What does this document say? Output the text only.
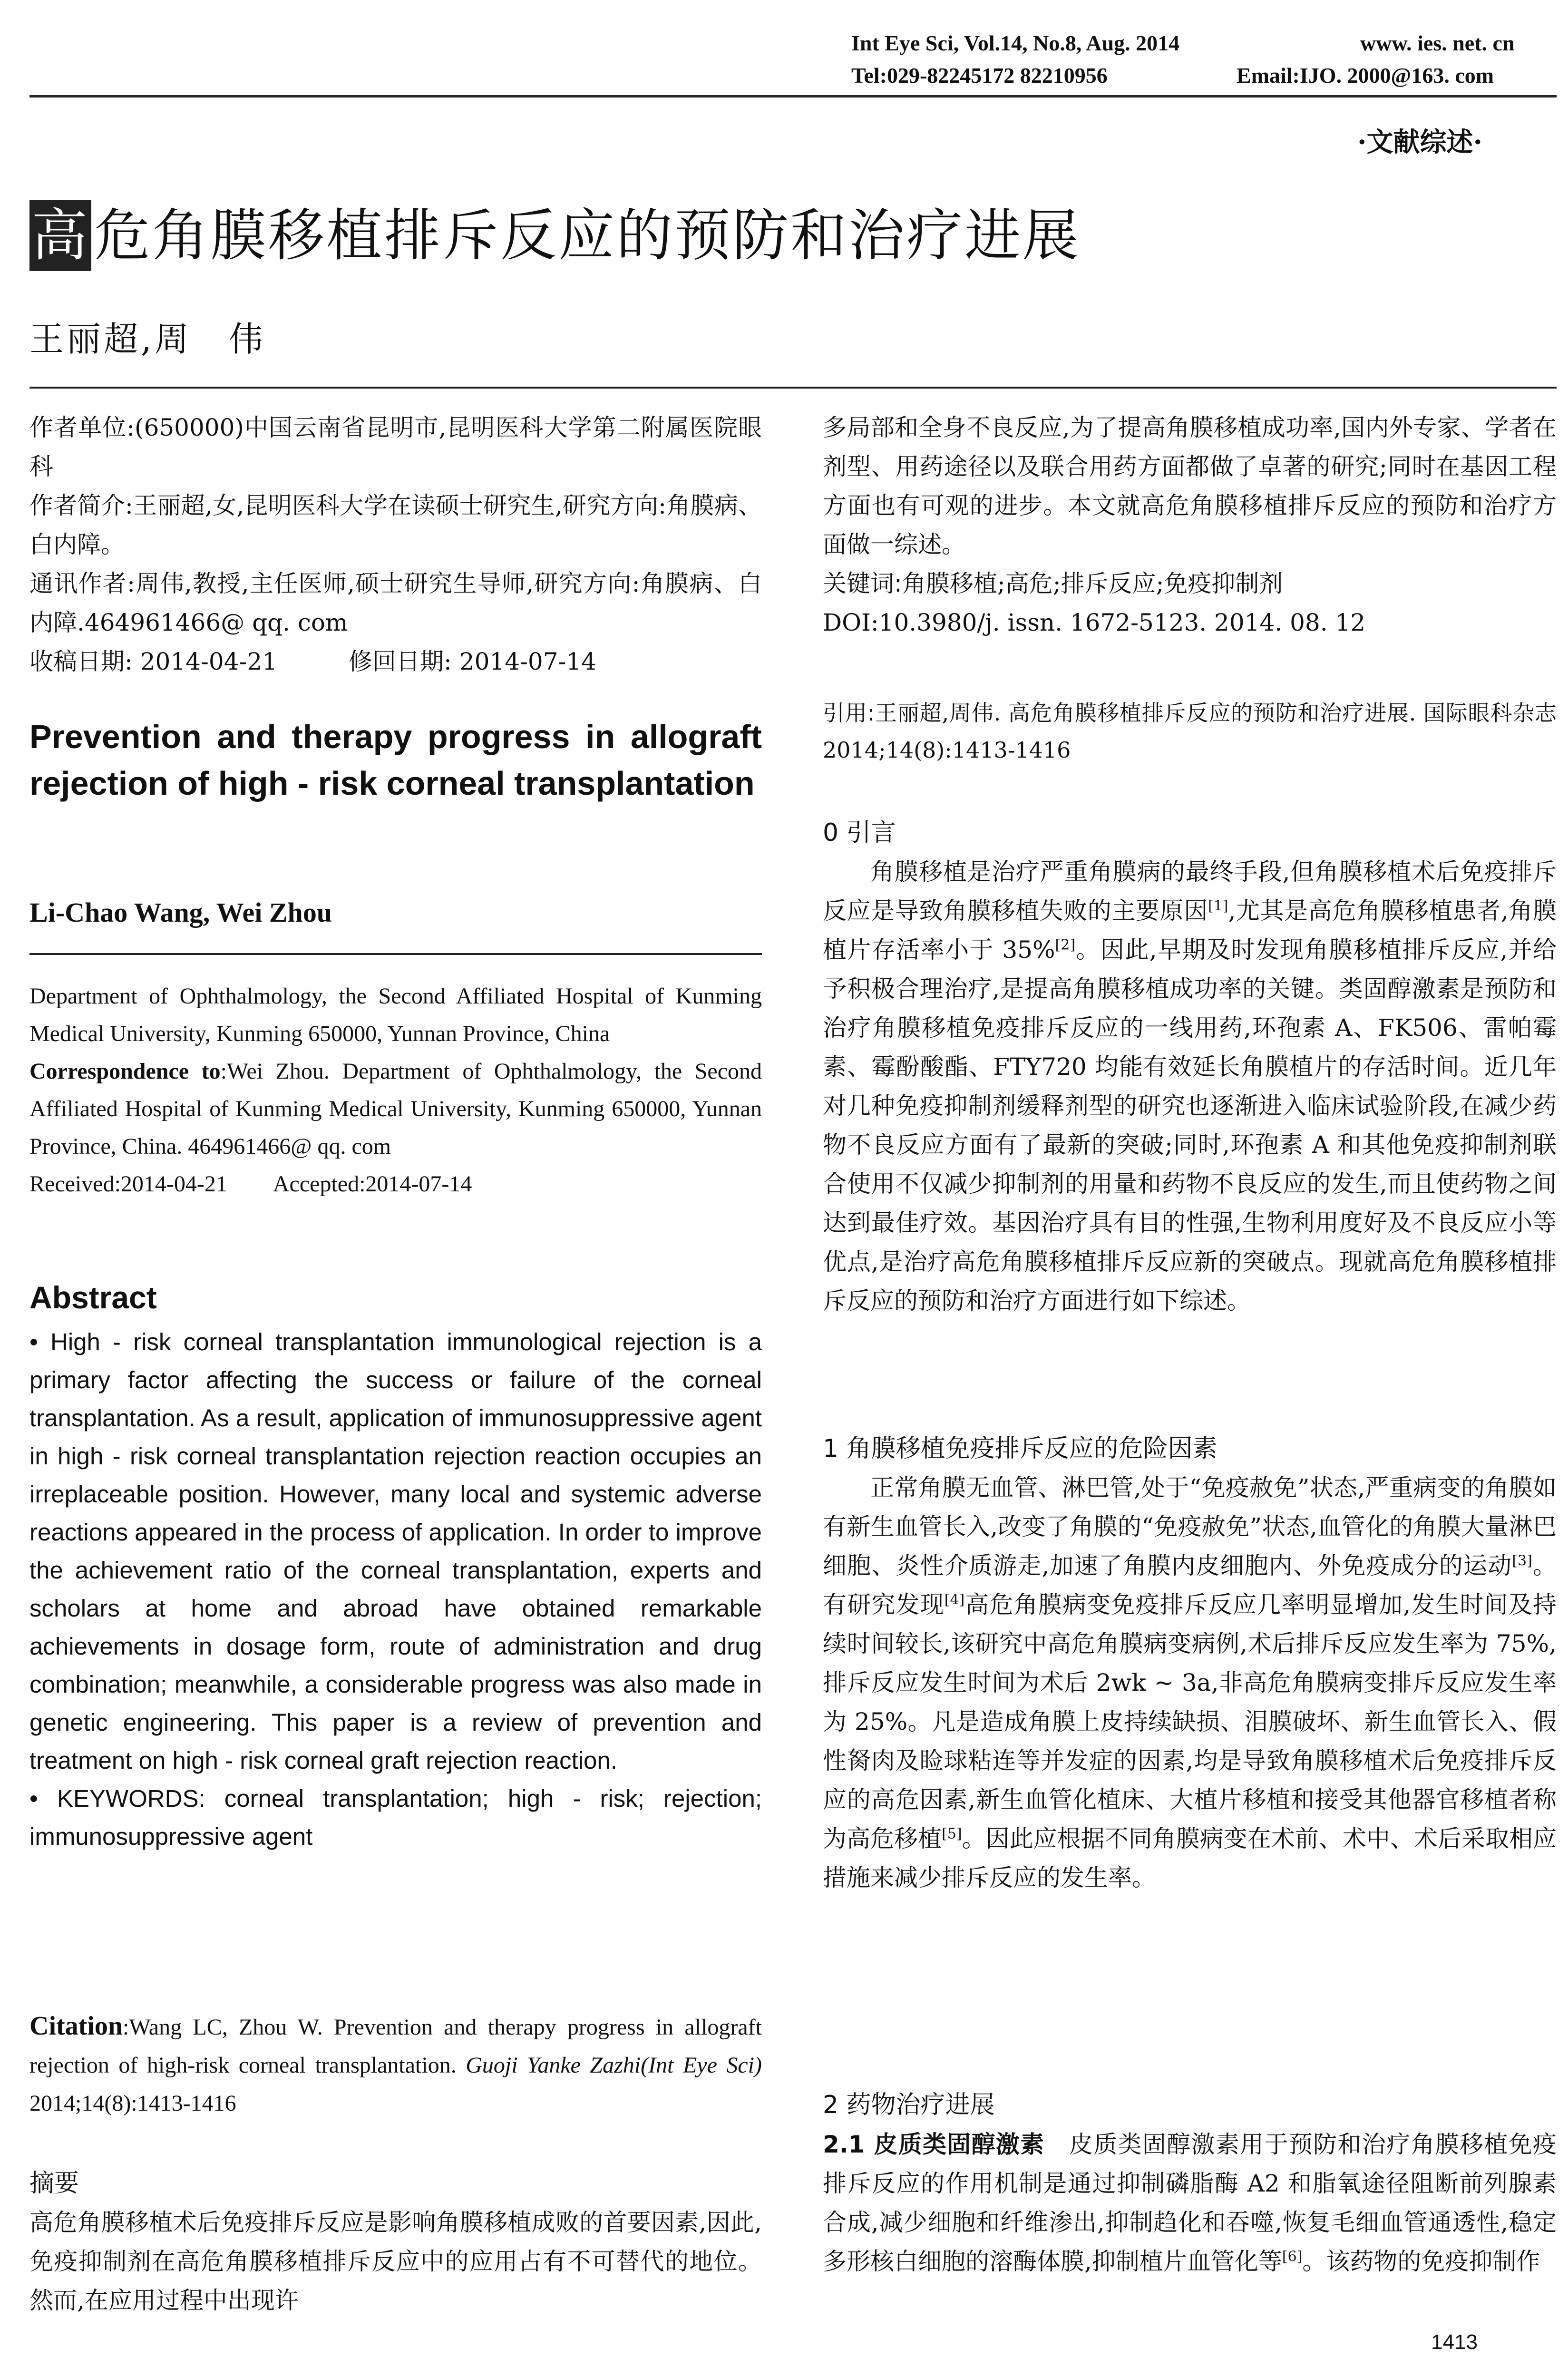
Int Eye Sci, Vol.14, No.8, Aug. 2014	www. ies. net. cn
Tel:029-82245172 82210956	Email:IJO. 2000@163. com
·文献综述·
高危角膜移植排斥反应的预防和治疗进展
王丽超,周　伟

作者单位:(650000)中国云南省昆明市,昆明医科大学第二附属医院眼科

作者简介:王丽超,女,昆明医科大学在读硕士研究生,研究方向:角膜病、白内障。

通讯作者:周伟,教授,主任医师,硕士研究生导师,研究方向:角膜病、白内障.464961466@ qq. com

收稿日期: 2014-04-21　　　修回日期: 2014-07-14

Prevention and therapy progress in allograft rejection of high - risk corneal transplantation
Li-Chao Wang, Wei Zhou

Department of Ophthalmology, the Second Affiliated Hospital of Kunming Medical University, Kunming 650000, Yunnan Province, China

Correspondence to:Wei Zhou. Department of Ophthalmology, the Second Affiliated Hospital of Kunming Medical University, Kunming 650000, Yunnan Province, China. 464961466@ qq. com

Received:2014-04-21　　Accepted:2014-07-14

Abstract

• High - risk corneal transplantation immunological rejection is a primary factor affecting the success or failure of the corneal transplantation. As a result, application of immunosuppressive agent in high - risk corneal transplantation rejection reaction occupies an irreplaceable position. However, many local and systemic adverse reactions appeared in the process of application. In order to improve the achievement ratio of the corneal transplantation, experts and scholars at home and abroad have obtained remarkable achievements in dosage form, route of administration and drug combination; meanwhile, a considerable progress was also made in genetic engineering. This paper is a review of prevention and treatment on high - risk corneal graft rejection reaction.

• KEYWORDS: corneal transplantation; high - risk; rejection; immunosuppressive agent

Citation:Wang LC, Zhou W. Prevention and therapy progress in allograft rejection of high-risk corneal transplantation. Guoji Yanke Zazhi(Int Eye Sci) 2014;14(8):1413-1416
摘要
高危角膜移植术后免疫排斥反应是影响角膜移植成败的首要因素,因此,免疫抑制剂在高危角膜移植排斥反应中的应用占有不可替代的地位。然而,在应用过程中出现许

多局部和全身不良反应,为了提高角膜移植成功率,国内外专家、学者在剂型、用药途径以及联合用药方面都做了卓著的研究;同时在基因工程方面也有可观的进步。本文就高危角膜移植排斥反应的预防和治疗方面做一综述。

关键词:角膜移植;高危;排斥反应;免疫抑制剂

DOI:10.3980/j. issn. 1672-5123. 2014. 08. 12

引用:王丽超,周伟. 高危角膜移植排斥反应的预防和治疗进展. 国际眼科杂志 2014;14(8):1413-1416
0 引言

角膜移植是治疗严重角膜病的最终手段,但角膜移植术后免疫排斥反应是导致角膜移植失败的主要原因[1],尤其是高危角膜移植患者,角膜植片存活率小于 35%[2]。因此,早期及时发现角膜移植排斥反应,并给予积极合理治疗,是提高角膜移植成功率的关键。类固醇激素是预防和治疗角膜移植免疫排斥反应的一线用药,环孢素 A、FK506、雷帕霉素、霉酚酸酯、FTY720 均能有效延长角膜植片的存活时间。近几年对几种免疫抑制剂缓释剂型的研究也逐渐进入临床试验阶段,在减少药物不良反应方面有了最新的突破;同时,环孢素 A 和其他免疫抑制剂联合使用不仅减少抑制剂的用量和药物不良反应的发生,而且使药物之间达到最佳疗效。基因治疗具有目的性强,生物利用度好及不良反应小等优点,是治疗高危角膜移植排斥反应新的突破点。现就高危角膜移植排斥反应的预防和治疗方面进行如下综述。

1 角膜移植免疫排斥反应的危险因素

正常角膜无血管、淋巴管,处于“免疫赦免”状态,严重病变的角膜如有新生血管长入,改变了角膜的“免疫赦免”状态,血管化的角膜大量淋巴细胞、炎性介质游走,加速了角膜内皮细胞内、外免疫成分的运动[3]。有研究发现[4]高危角膜病变免疫排斥反应几率明显增加,发生时间及持续时间较长,该研究中高危角膜病变病例,术后排斥反应发生率为 75%,排斥反应发生时间为术后 2wk ~ 3a,非高危角膜病变排斥反应发生率为 25%。凡是造成角膜上皮持续缺损、泪膜破坏、新生血管长入、假性胬肉及睑球粘连等并发症的因素,均是导致角膜移植术后免疫排斥反应的高危因素,新生血管化植床、大植片移植和接受其他器官移植者称为高危移植[5]。因此应根据不同角膜病变在术前、术中、术后采取相应措施来减少排斥反应的发生率。

2 药物治疗进展

2.1 皮质类固醇激素　皮质类固醇激素用于预防和治疗角膜移植免疫排斥反应的作用机制是通过抑制磷脂酶 A2 和脂氧途径阻断前列腺素合成,减少细胞和纤维渗出,抑制趋化和吞噬,恢复毛细血管通透性,稳定多形核白细胞的溶酶体膜,抑制植片血管化等[6]。该药物的免疫抑制作

1413
